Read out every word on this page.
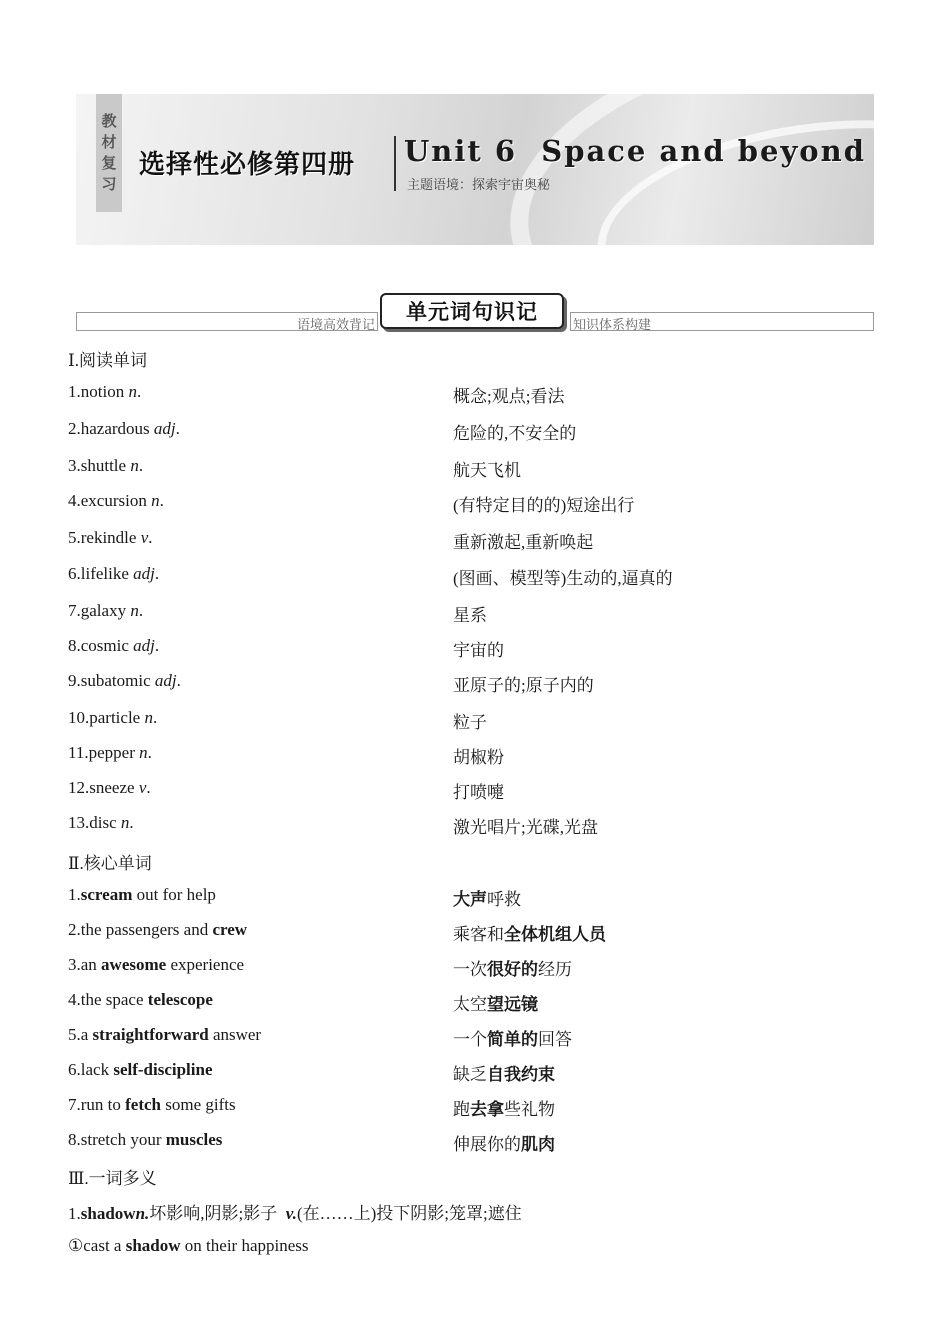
教
材
复
习
选择性必修第四册 Unit 6  Space and beyond
主题语境：探索宇宙奥秘
语境高效背记
单元词句识记
知识体系构建
Ⅰ.阅读单词
1.notion n.	概念;观点;看法
2.hazardous adj.	危险的,不安全的
3.shuttle n.	航天飞机
4.excursion n.	(有特定目的的)短途出行
5.rekindle v.	重新激起,重新唤起
6.lifelike adj.	(图画、模型等)生动的,逼真的
7.galaxy n.	星系
8.cosmic adj.	宇宙的
9.subatomic adj.	亚原子的;原子内的
10.particle n.	粒子
11.pepper n.	胡椒粉
12.sneeze v.	打喷嚏
13.disc n.	激光唱片;光碟,光盘
Ⅱ.核心单词
1.scream out for help	大声呼救
2.the passengers and crew	乘客和全体机组人员
3.an awesome experience	一次很好的经历
4.the space telescope	太空望远镜
5.a straightforward answer	一个简单的回答
6.lack self-discipline	缺乏自我约束
7.run to fetch some gifts	跑去拿些礼物
8.stretch your muscles	伸展你的肌肉
Ⅲ.一词多义
1.shadown.坏影响,阴影;影子 v.(在……上)投下阴影;笼罩;遮住
①cast a shadow on their happiness
